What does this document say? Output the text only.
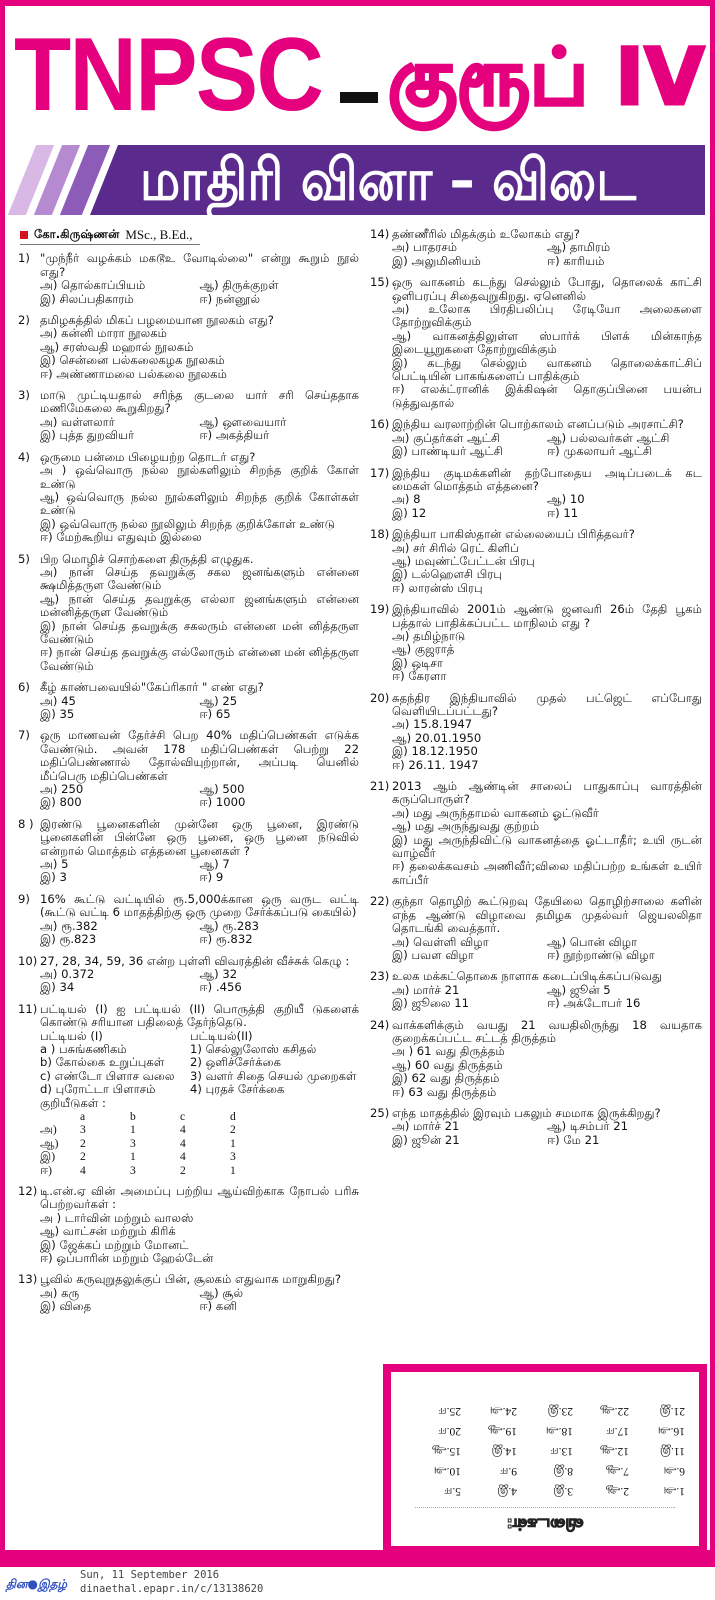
TNPSC குரூப் IV
மாதிரி வினா – விடை
கோ.கிருஷ்ணன் MSc., B.Ed.,
1) "முந்நீர் வழக்கம் மகடூஉ வோடில்லை" என்று கூறும் நூல் எது?
அ) தொல்காப்பியம்	ஆ) திருக்குறள்
இ) சிலப்பதிகாரம்	ஈ) நன்னூல்
2) தமிழகத்தில் மிகப் பழமையான நூலகம் எது?
அ) கன்னி மாரா நூலகம்
ஆ) சரஸ்வதி மஹால் நூலகம்
இ) சென்னை பல்கலைகழக நூலகம்
ஈ) அண்ணாமலை பல்கலை நூலகம்
3) மாடு முட்டியதால் சரிந்த குடலை யார் சரி செய்ததாக மணிமேகலை கூறுகிறது?
அ) வள்ளலார்	ஆ) ஔவையார்
இ) புத்த துறவியர்	ஈ) அகத்தியர்
4) ஒருமை பன்மை பிழையற்ற தொடர் எது?
அ ) ஒவ்வொரு நல்ல நூல்களிலும் சிறந்த குறிக் கோள் உண்டு
ஆ) ஒவ்வொரு நல்ல நூல்களிலும் சிறந்த குறிக் கோள்கள் உண்டு
இ) ஒவ்வொரு நல்ல நூலிலும் சிறந்த குறிக்கோள் உண்டு
ஈ) மேற்கூறிய எதுவும் இல்லை
5) பிற மொழிச் சொற்களை திருத்தி எழுதுக.
அ) நான் செய்த தவறுக்கு சகல ஜனங்களும் என்னை க்ஷமித்தருள வேண்டும்
ஆ) நான் செய்த தவறுக்கு எல்லா ஜனங்களும் என்னை மன்னித்தருள வேண்டும்
இ) நான் செய்த தவறுக்கு சகலரும் என்னை மன் னித்தருள வேண்டும்
ஈ) நான் செய்த தவறுக்கு எல்லோரும் என்னை மன் னித்தருள வேண்டும்
6) கீழ் காண்பவையில்"கேப்ரிகார் " எண் எது?
அ) 45	ஆ) 25
இ) 35	ஈ) 65
7) ஒரு மாணவன் தேர்ச்சி பெற 40% மதிப்பெண்கள் எடுக்க வேண்டும். அவன் 178 மதிப்பெண்கள் பெற்று 22 மதிப்பெண்ணால் தோல்வியுற்றான், அப்படி யெனில் மீப்பெரு மதிப்பெண்கள்
அ) 250	ஆ) 500
இ) 800	ஈ) 1000
8 ) இரண்டு பூனைகளின் முன்னே ஒரு பூனை, இரண்டு பூனைகளின் பின்னே ஒரு பூனை, ஒரு பூனை நடுவில் என்றால் மொத்தம் எத்தனை பூனைகள் ?
அ) 5	ஆ) 7
இ) 3	ஈ) 9
9) 16% கூட்டு வட்டியில் ரூ.5,000க்கான ஒரு வருட வட்டி (கூட்டு வட்டி 6 மாதத்திற்கு ஒரு முறை சேர்க்கப்படு கையில்)
அ) ரூ.382	ஆ) ரூ.283
இ) ரூ.823	ஈ) ரூ.832
10) 27, 28, 34, 59, 36 என்ற புள்ளி விவரத்தின் வீச்சுக் கெழு :
அ) 0.372	ஆ) 32
இ) 34	ஈ) .456
11) பட்டியல் (I) ஐ பட்டியல் (II) பொருத்தி குறியீ டுகளைக் கொண்டு சரியான பதிலைத் தேர்ந்தெடு.
பட்டியல் (I)	பட்டியல்(II)
a ) பசுங்கணிகம்	1) செல்லுலோஸ் கசிதல்
b) கோல்கை உறுப்புகள்	2) ஒளிச்சேர்க்கை
c) எண்டோ பிளாச வலை	3) வளர் சிதை செயல் முறைகள்
d) புரோட்டா பிளாசம்	4) புரதச் சேர்க்கை
குறியீடுகள் :
a	b	c	d
அ)	3	1	4	2
ஆ)	2	3	4	1
இ)	2	1	4	3
ஈ)	4	3	2	1
12) டி.என்.ஏ வின் அமைப்பு பற்றிய ஆய்விற்காக நோபல் பரிசு பெற்றவர்கள் :
அ ) டார்வின் மற்றும் வாலஸ்
ஆ) வாட்சன் மற்றும் கிரிக்
இ) ஜேக்கப் மற்றும் மோனட்
ஈ) ஒப்பாரின் மற்றும் ஹேல்டேன்
13) பூவில் கருவுறுதலுக்குப் பின், சூலகம் எதுவாக மாறுகிறது?
அ) கரு	ஆ) சூல்
இ) விதை	ஈ) கனி
14) தண்ணீரில் மிதக்கும் உலோகம் எது?
அ) பாதரசம்	ஆ) தாமிரம்
இ) அலுமினியம்	ஈ) காரியம்
15) ஒரு வாகனம் கடந்து செல்லும் போது, தொலைக் காட்சி ஒளிபரப்பு சிதைவுறுகிறது. ஏனெனில்
அ) உலோக பிரதிபலிப்பு ரேடியோ அலைகளை தோற்றுவிக்கும்
ஆ) வாகனத்திலுள்ள ஸ்பார்க் பிளக் மின்காந்த இடையூறுகளை தோற்றுவிக்கும்
இ) கடந்து செல்லும் வாகனம் தொலைக்காட்சிப் பெட்டியின் பாகங்களைப் பாதிக்கும்
ஈ) எலக்ட்ரானிக் இக்கிஷன் தொகுப்பினை பயன்ப டுத்துவதால்
16) இந்திய வரலாற்றின் பொற்காலம் எனப்படும் அரசாட்சி?
அ) குப்தர்கள் ஆட்சி	ஆ) பல்லவர்கள் ஆட்சி
இ) பாண்டியர் ஆட்சி	ஈ) முகலாயர் ஆட்சி
17) இந்திய குடிமக்களின் தற்போதைய அடிப்படைக் கட மைகள் மொத்தம் எத்தனை?
அ) 8	ஆ) 10
இ) 12	ஈ) 11
18) இந்தியா பாகிஸ்தான் எல்லையைப் பிரித்தவர்?
அ) சர் சிரில் ரெட் கிளிப்
ஆ) மவுண்ட்பேட்டன் பிரபு
இ) டல்ஹௌசி பிரபு
ஈ) லாரன்ஸ் பிரபு
19) இந்தியாவில் 2001ம் ஆண்டு ஜனவரி 26ம் தேதி பூகம் பத்தால் பாதிக்கப்பட்ட மாநிலம் எது ?
அ) தமிழ்நாடு
ஆ) குஜராத்
இ) ஒடிசா
ஈ) கேரளா
20) சுதந்திர இந்தியாவில் முதல் பட்ஜெட் எப்போது வெளியிடப்பட்டது?
அ) 15.8.1947
ஆ) 20.01.1950
இ) 18.12.1950
ஈ) 26.11. 1947
21) 2013 ஆம் ஆண்டின் சாலைப் பாதுகாப்பு வாரத்தின் கருப்பொருள்?
அ) மது அருந்தாமல் வாகனம் ஓட்டுவீர்
ஆ) மது அருந்துவது குற்றம்
இ) மது அருந்திவிட்டு வாகனத்தை ஓட்டாதீர்; உயி ருடன் வாழ்வீர்
ஈ) தலைக்கவசம் அணிவீர்;விலை மதிப்பற்ற உங்கள் உயிர் காப்பீர்
22) குந்தா தொழிற் கூட்டுறவு தேயிலை தொழிற்சாலை களின் எந்த ஆண்டு விழாவை தமிழக முதல்வர் ஜெயலலிதா தொடங்கி வைத்தார்.
அ) வெள்ளி விழா	ஆ) பொன் விழா
இ) பவள விழா	ஈ) நூற்றாண்டு விழா
23) உலக மக்கட்தொகை நாளாக கடைப்பிடிக்கப்படுவது
அ) மார்ச் 21	ஆ) ஜூன் 5
இ) ஜூலை 11	ஈ) அக்டோபர் 16
24) வாக்களிக்கும் வயது 21 வயதிலிருந்து 18 வயதாக குறைக்கப்பட்ட சட்டத் திருத்தம்
அ ) 61 வது திருத்தம்
ஆ) 60 வது திருத்தம்
இ) 62 வது திருத்தம்
ஈ) 63 வது திருத்தம்
25) எந்த மாதத்தில் இரவும் பகலும் சமமாக இருக்கிறது?
அ) மார்ச் 21	ஆ) டிசம்பர் 21
இ) ஜூன் 21	ஈ) மே 21
விடைகள்:
1.அ
2.ஆ
3.இ
4.இ
5.ஈ
6.அ
7.ஆ
8.இ
9.ஈ
10.அ
11.இ
12.ஆ
13.ஈ
14.இ
15.ஆ
16.அ
17.ஈ
18.அ
19.ஆ
20.ஈ
21.இ
22.ஆ
23.இ
24.அ
25.ஈ
தின●இதழ்
Sun, 11 September 2016
dinaethal.epapr.in/c/13138620
